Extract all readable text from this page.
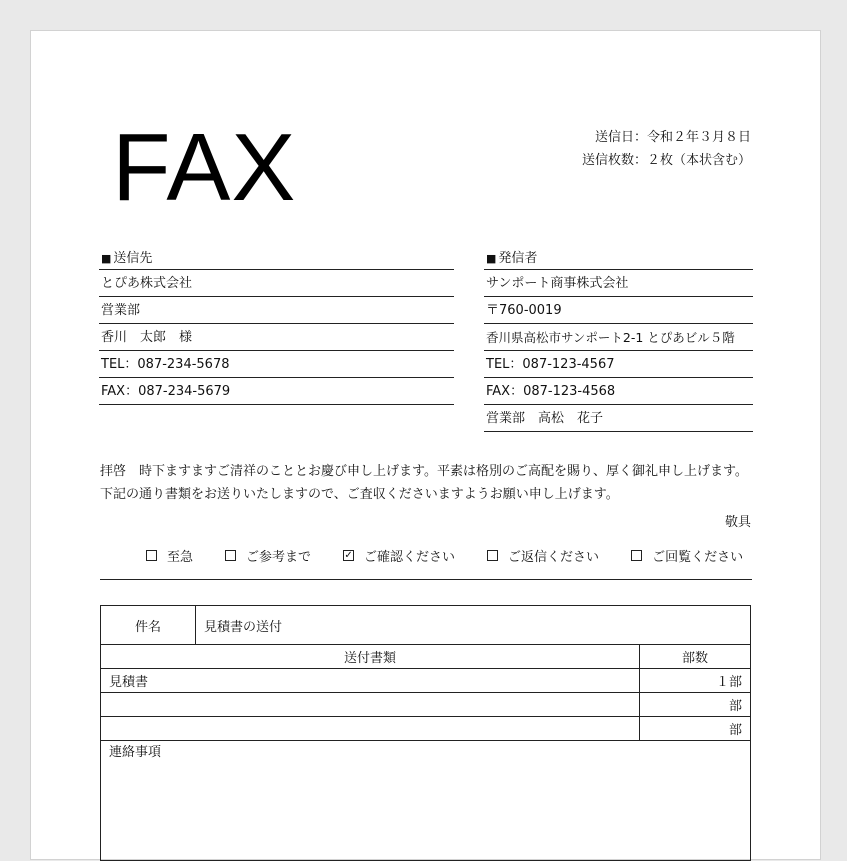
FAX	送信日：令和２年３月８日
送信枚数：２枚（本状含む）
■ 送信先
とぴあ株式会社
営業部
香川　太郎　様
TEL：087-234-5678
FAX：087-234-5679
■ 発信者
サンポート商事株式会社
〒760-0019
香川県高松市サンポート2-1 とぴあビル５階
TEL：087-123-4567
FAX：087-123-4568
営業部　高松　花子
拝啓　時下ますますご清祥のこととお慶び申し上げます。平素は格別のご高配を賜り、厚く御礼申し上げます。
下記の通り書類をお送りいたしますので、ご査収くださいますようお願い申し上げます。
敬具
至急	ご参考まで	✓ ご確認ください	ご返信ください	ご回覧ください
件名	見積書の送付	
送付書類		部数
見積書		１部
		部
		部
連絡事項		
